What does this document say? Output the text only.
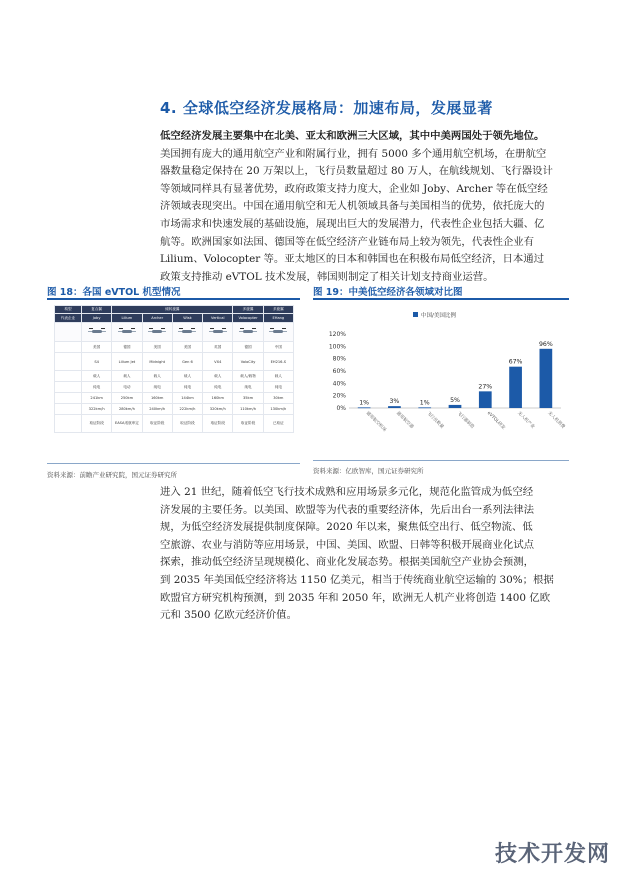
4. 全球低空经济发展格局：加速布局，发展显著
低空经济发展主要集中在北美、亚太和欧洲三大区域，其中中美两国处于领先地位。
美国拥有庞大的通用航空产业和附属行业，拥有 5000 多个通用航空机场，在册航空
器数量稳定保持在 20 万架以上，飞行员数量超过 80 万人，在航线规划、飞行器设计
等领域同样具有显著优势，政府政策支持力度大，企业如 Joby、Archer 等在低空经
济领域表现突出。中国在通用航空和无人机领域具备与美国相当的优势，依托庞大的
市场需求和快速发展的基础设施，展现出巨大的发展潜力，代表性企业包括大疆、亿
航等。欧洲国家如法国、德国等在低空经济产业链布局上较为领先，代表性企业有
Lilium、Volocopter 等。亚太地区的日本和韩国也在积极布局低空经济，日本通过
政策支持推动 eVTOL 技术发展，韩国则制定了相关计划支持商业运营。
图 18：各国 eVTOL 机型情况	图 19：中美低空经济各领域对比图
构型	复合翼	倾转旋翼				多旋翼	多旋翼
代表企业	Joby	Lilium	Archer	Wisk	Vertical	Volocopter	EHang

国家	美国	德国	美国	美国	英国	德国	中国
产品型号	S4	Lilium Jet	Midnight	Gen 6	VX4	VoloCity	EH216-S
座位	载人	载人	载人	载人	载人	载人/载物	载人
动力	纯电	电动	纯电	纯电	纯电	纯电	纯电
续航	241km	250km	160km	144km	160km	35km	30km
巡航速度	322km/h	280km/h	240km/h	222km/h	320km/h	110km/h	130km/h
适航进展	取证阶段	EASA适航审定	取证阶段	取证阶段	取证阶段	取证阶段	已取证
资料来源：前瞻产业研究院，国元证券研究所
中国/美国比例
0%
20%
40%
60%
80%
100%
120%
1%
通用航空机场
3%
通用航空器
1%
飞行员数量
5%
飞行器制造
27%
eVTOL研发
67%
无人机产业
96%
无人机消费
资料来源：亿欧智库，国元证券研究所
进入 21 世纪，随着低空飞行技术成熟和应用场景多元化，规范化监管成为低空经
济发展的主要任务。以美国、欧盟等为代表的重要经济体，先后出台一系列法律法
规，为低空经济发展提供制度保障。2020 年以来，聚焦低空出行、低空物流、低
空旅游、农业与消防等应用场景，中国、美国、欧盟、日韩等积极开展商业化试点
探索，推动低空经济呈现规模化、商业化发展态势。根据美国航空产业协会预测，
到 2035 年美国低空经济将达 1150 亿美元，相当于传统商业航空运输的 30%；根据
欧盟官方研究机构预测，到 2035 年和 2050 年，欧洲无人机产业将创造 1400 亿欧
元和 3500 亿欧元经济价值。
技术开发网
